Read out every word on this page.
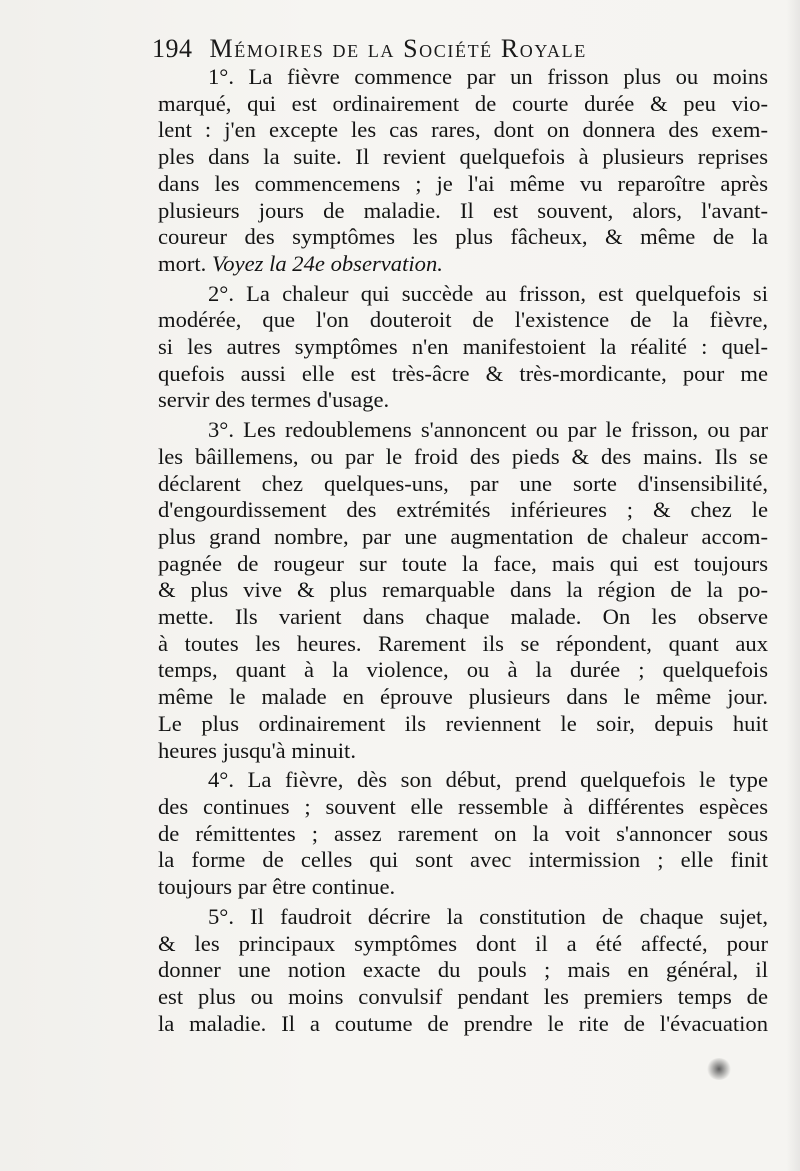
194 Mémoires de la Société Royale

1°. La fièvre commence par un frisson plus ou moins
marqué, qui est ordinairement de courte durée & peu vio-
lent : j'en excepte les cas rares, dont on donnera des exem-
ples dans la suite. Il revient quelquefois à plusieurs reprises
dans les commencemens ; je l'ai même vu reparoître après
plusieurs jours de maladie. Il est souvent, alors, l'avant-
coureur des symptômes les plus fâcheux, & même de la
mort. Voyez la 24e observation.

2°. La chaleur qui succède au frisson, est quelquefois si
modérée, que l'on douteroit de l'existence de la fièvre,
si les autres symptômes n'en manifestoient la réalité : quel-
quefois aussi elle est très-âcre & très-mordicante, pour me
servir des termes d'usage.

3°. Les redoublemens s'annoncent ou par le frisson, ou par
les bâillemens, ou par le froid des pieds & des mains. Ils se
déclarent chez quelques-uns, par une sorte d'insensibilité,
d'engourdissement des extrémités inférieures ; & chez le
plus grand nombre, par une augmentation de chaleur accom-
pagnée de rougeur sur toute la face, mais qui est toujours
& plus vive & plus remarquable dans la région de la po-
mette. Ils varient dans chaque malade. On les observe
à toutes les heures. Rarement ils se répondent, quant aux
temps, quant à la violence, ou à la durée ; quelquefois
même le malade en éprouve plusieurs dans le même jour.
Le plus ordinairement ils reviennent le soir, depuis huit
heures jusqu'à minuit.

4°. La fièvre, dès son début, prend quelquefois le type
des continues ; souvent elle ressemble à différentes espèces
de rémittentes ; assez rarement on la voit s'annoncer sous
la forme de celles qui sont avec intermission ; elle finit
toujours par être continue.

5°. Il faudroit décrire la constitution de chaque sujet,
& les principaux symptômes dont il a été affecté, pour
donner une notion exacte du pouls ; mais en général, il
est plus ou moins convulsif pendant les premiers temps de
la maladie. Il a coutume de prendre le rite de l'évacuation
